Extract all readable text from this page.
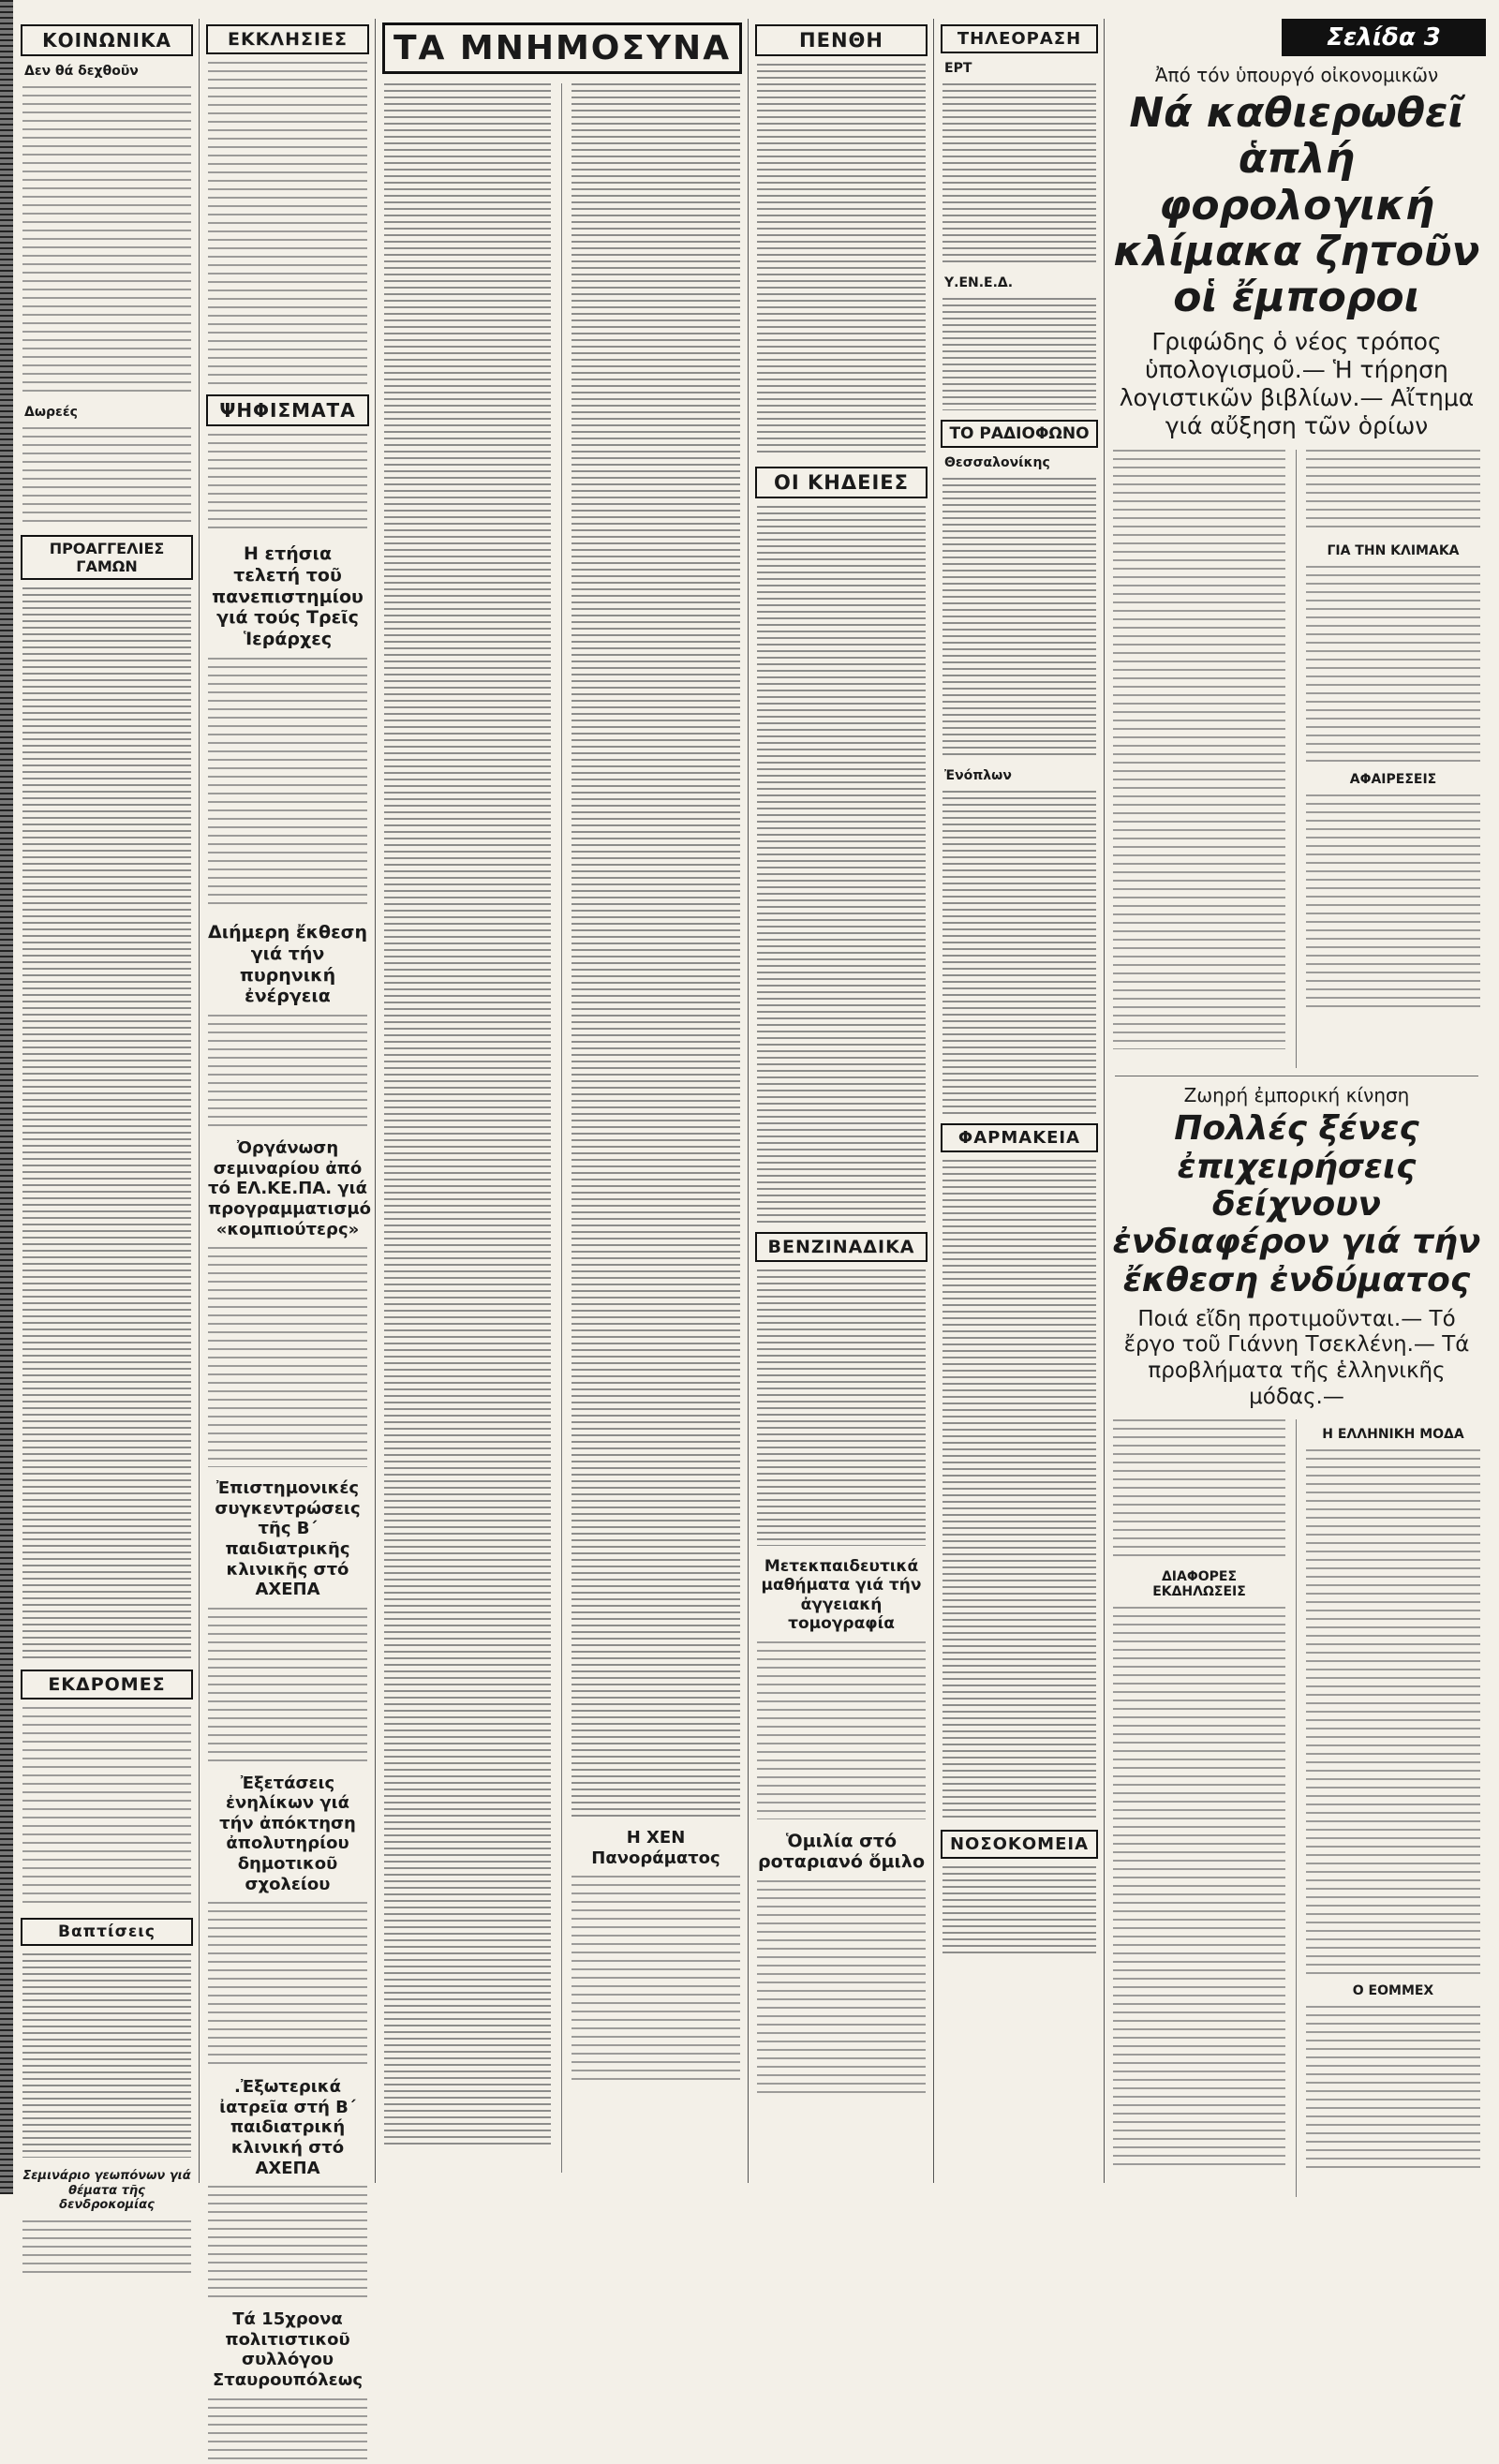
ΚΟΙΝΩΝΙΚΑ
Δεν θά δεχθοῦν
Δωρεές
ΠΡΟΑΓΓΕΛΙΕΣ ΓΑΜΩΝ
ΕΚΔΡΟΜΕΣ
Βαπτίσεις
Σεμινάριο γεωπόνων γιά θέματα τῆς δενδροκομίας
ΕΚΚΛΗΣΙΕΣ
ΨΗΦΙΣΜΑΤΑ
Η ετήσια τελετή τοῦ πανεπιστημίου γιά τούς Τρεῖς Ἱεράρχες
Διήμερη ἔκθεση γιά τήν πυρηνική ἐνέργεια
Ὀργάνωση σεμιναρίου ἀπό τό ΕΛ.ΚΕ.ΠΑ. γιά προγραμματισμό «κομπιούτερς»
Ἐπιστημονικές συγκεντρώσεις τῆς Β΄ παιδιατρικῆς κλινικῆς στό ΑΧΕΠΑ
Ἐξετάσεις ἐνηλίκων γιά τήν ἀπόκτηση ἀπολυτηρίου δημοτικοῦ σχολείου
.Ἐξωτερικά ἰατρεῖα στή Β΄ παιδιατρική κλινική στό ΑΧΕΠΑ
Τά 15χρονα πολιτιστικοῦ συλλόγου Σταυρουπόλεως
ΤΑ ΜΝΗΜΟΣΥΝΑ
Η ΧΕΝ Πανοράματος
ΠΕΝΘΗ
ΟΙ ΚΗΔΕΙΕΣ
ΒΕΝΖΙΝΑΔΙΚΑ
Μετεκπαιδευτικά μαθήματα γιά τήν ἀγγειακή τομογραφία
Ὁμιλία στό ροταριανό ὅμιλο
ΤΗΛΕΟΡΑΣΗ
ΕΡΤ
Υ.ΕΝ.Ε.Δ.
ΤΟ ΡΑΔΙΟΦΩΝΟ
Θεσσαλονίκης
Ἐνόπλων
ΦΑΡΜΑΚΕΙΑ
ΝΟΣΟΚΟΜΕΙΑ
Ἀπό τόν ὑπουργό οἰκονομικῶν
Νά καθιερωθεῖ ἁπλή φορολογική κλίμακα ζητοῦν οἱ ἔμποροι
Γριφώδης ὁ νέος τρόπος ὑπολογισμοῦ.— Ἡ τήρηση λογιστικῶν βιβλίων.— Αἴτημα γιά αὔξηση τῶν ὁρίων
ΓΙΑ ΤΗΝ ΚΛΙΜΑΚΑ
ΑΦΑΙΡΕΣΕΙΣ
Ζωηρή ἐμπορική κίνηση
Πολλές ξένες ἐπιχειρήσεις δείχνουν ἐνδιαφέρον γιά τήν ἔκθεση ἐνδύματος
Ποιά εἴδη προτιμοῦνται.— Τό ἔργο τοῦ Γιάννη Τσεκλένη.— Τά προβλήματα τῆς ἑλληνικῆς μόδας.—
ΔΙΑΦΟΡΕΣ ΕΚΔΗΛΩΣΕΙΣ
Η ΕΛΛΗΝΙΚΗ ΜΟΔΑ
Ο ΕΟΜΜΕΧ
Σελίδα 3
